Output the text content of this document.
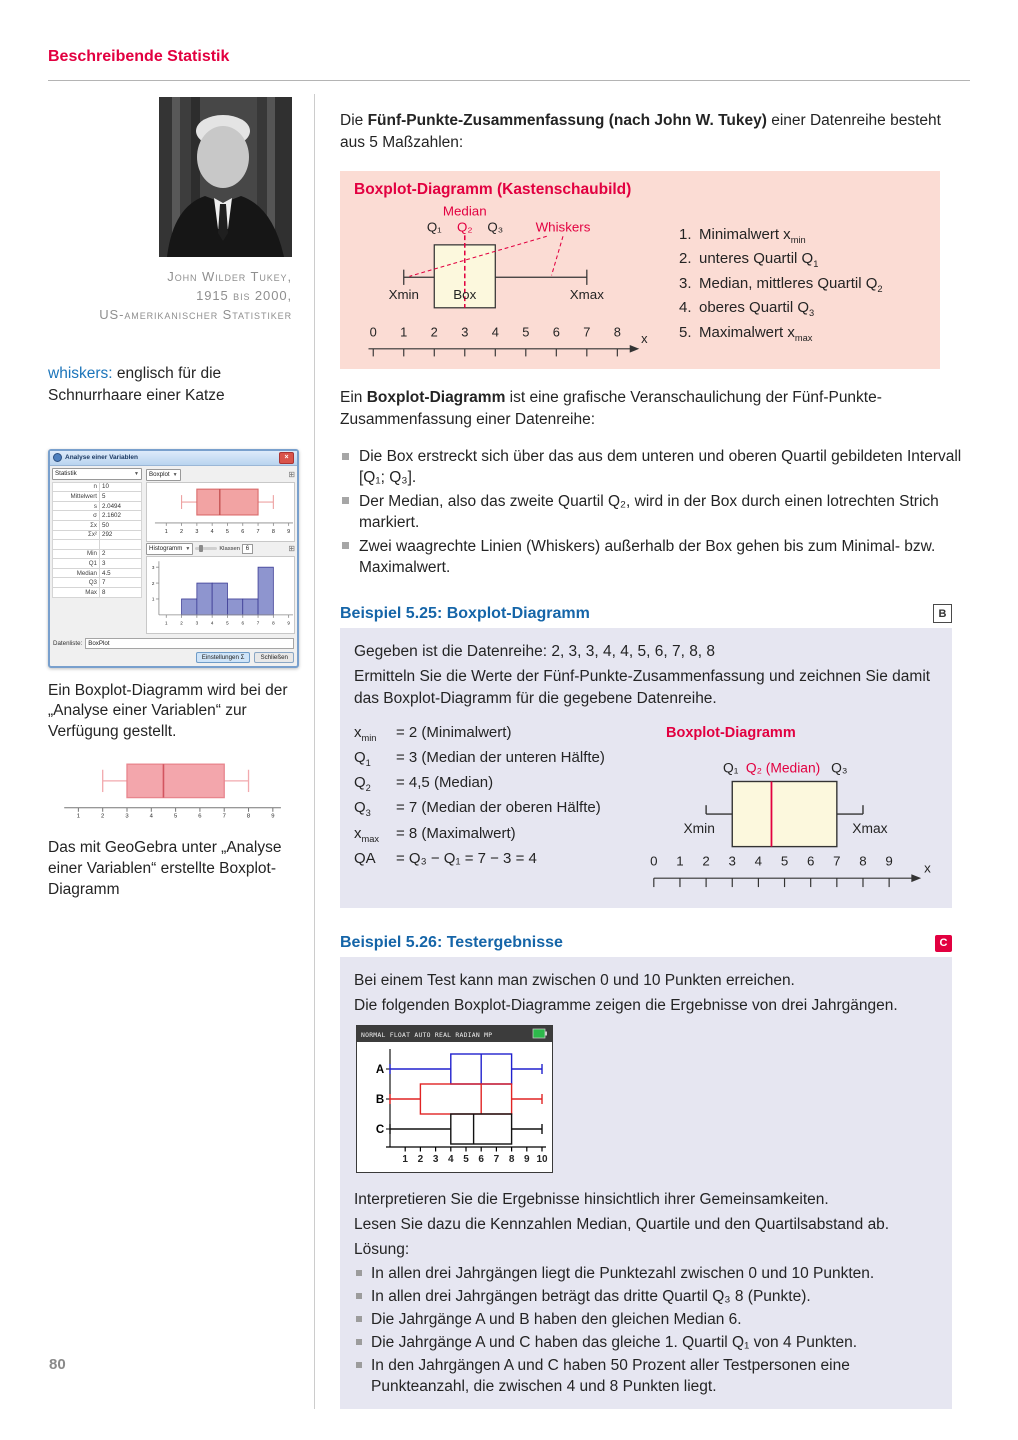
Beschreibende Statistik
John Wilder Tukey,
1915 bis 2000,
US-amerikanischer Statistiker

whiskers: englisch für die Schnurrhaare einer Katze

Analyse einer Variablen	×
Statistik	▼
n	10
Mittelwert	5
s	2.0494
σ	2.1602
Σx	50
Σx²	292

Min	2
Q1	3
Median	4.5
Q3	7
Max	8
Boxplot ▼	⊞
1 2 3 4 5 6 7 8 9
Histogramm ▼	Klassen 6	⊞
1
2
3
1	2	3	4	5	6	7	8	9
Datenliste: BoxPlot
Einstellungen Σ	Schließen

Ein Boxplot-Diagramm wird bei der „Analyse einer Variablen“ zur Verfügung gestellt.

1	2	3	4	5	6	7	8	9

Das mit GeoGebra unter „Analyse einer Variablen“ erstellte Boxplot-Diagramm

Die Fünf-Punkte-Zusammenfassung (nach John W. Tukey) einer Datenreihe besteht aus 5 Maßzahlen:

Boxplot-Diagramm (Kastenschaubild)
0 1 2 3 4 5 6 7 8
Median
Q₁ Q₂ Q₃ Whiskers
Xmin Box	Xmax
x
1. Minimalwert $x_{min}$
2. unteres Quartil $Q_1$
3. Median, mittleres Quartil $Q_2$
4. oberes Quartil $Q_3$
5. Maximalwert $x_{max}$

Ein Boxplot-Diagramm ist eine grafische Veranschaulichung der Fünf-Punkte-Zusammenfassung einer Datenreihe:

Die Box erstreckt sich über das aus dem unteren und oberen Quartil gebildeten Intervall [Q₁; Q₃].
Der Median, also das zweite Quartil Q₂, wird in der Box durch einen lotrechten Strich markiert.
Zwei waagrechte Linien (Whiskers) außerhalb der Box gehen bis zum Minimal- bzw. Maximalwert.
Beispiel 5.25: Boxplot-Diagramm	B

Gegeben ist die Datenreihe: 2, 3, 3, 4, 4, 5, 6, 7, 8, 8

Ermitteln Sie die Werte der Fünf-Punkte-Zusammenfassung und zeichnen Sie damit das Boxplot-Diagramm für die gegebene Datenreihe.

$x_{min}$	= 2 (Minimalwert)
$Q_1$	= 3 (Median der unteren Hälfte)
$Q_2$	= 4,5 (Median)
$Q_3$	= 7 (Median der oberen Hälfte)
$x_{max}$	= 8 (Maximalwert)
QA	= Q₃ − Q₁ = 7 − 3 = 4
Boxplot-Diagramm
0 1 2 3 4 5 6 7 8 9
Q₁ Q₂ (Median) Q₃
Xmin	Xmax
x
Beispiel 5.26: Testergebnisse	C

Bei einem Test kann man zwischen 0 und 10 Punkten erreichen.

Die folgenden Boxplot-Diagramme zeigen die Ergebnisse von drei Jahrgängen.

NORMAL FLOAT AUTO REAL RADIAN MP
1 2 3 4 5 6 7 8 9 10
A
B
C

Interpretieren Sie die Ergebnisse hinsichtlich ihrer Gemeinsamkeiten.

Lesen Sie dazu die Kennzahlen Median, Quartile und den Quartilsabstand ab.

Lösung:

In allen drei Jahrgängen liegt die Punktezahl zwischen 0 und 10 Punkten.
In allen drei Jahrgängen beträgt das dritte Quartil Q₃ 8 (Punkte).
Die Jahrgänge A und B haben den gleichen Median 6.
Die Jahrgänge A und C haben das gleiche 1. Quartil Q₁ von 4 Punkten.
In den Jahrgängen A und C haben 50 Prozent aller Testpersonen eine Punkteanzahl, die zwischen 4 und 8 Punkten liegt.
80
